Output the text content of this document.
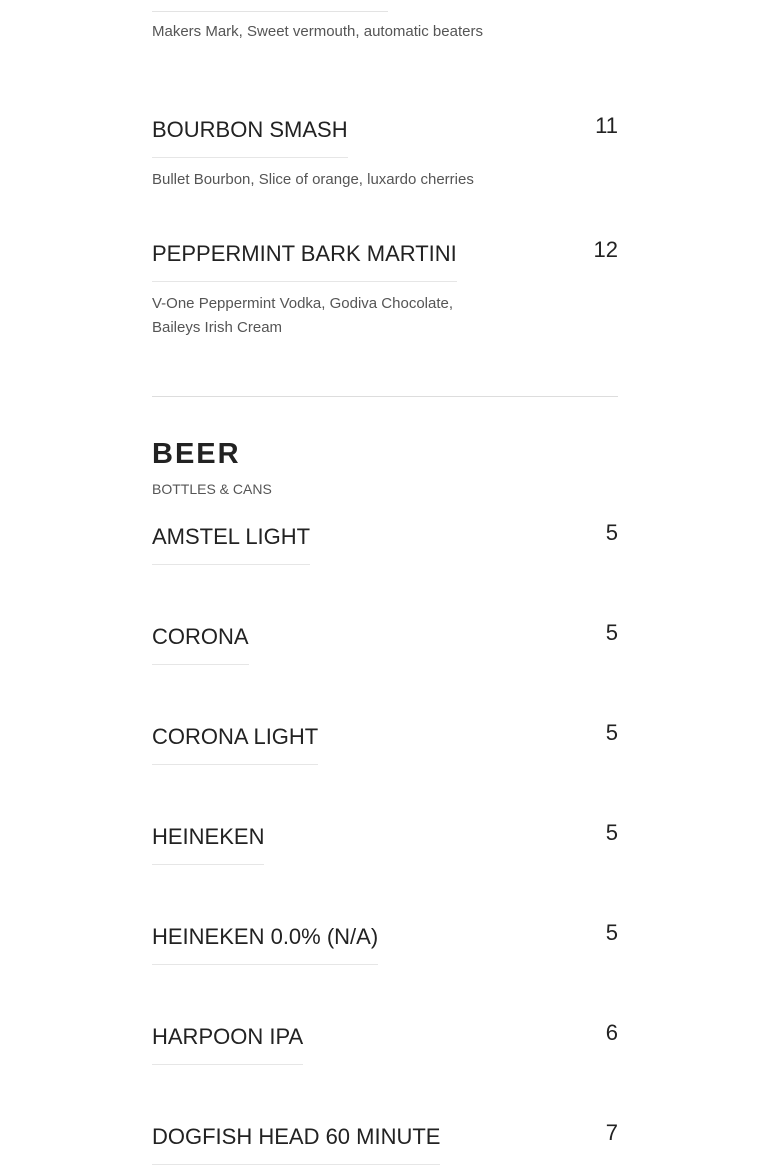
Makers Mark, Sweet vermouth, automatic beaters
BOURBON SMASH	11
Bullet Bourbon, Slice of orange, luxardo cherries
PEPPERMINT BARK MARTINI	12
V-One Peppermint Vodka, Godiva Chocolate, Baileys Irish Cream
BEER
BOTTLES & CANS
AMSTEL LIGHT	5
CORONA	5
CORONA LIGHT	5
HEINEKEN	5
HEINEKEN 0.0% (N/A)	5
HARPOON IPA	6
DOGFISH HEAD 60 MINUTE	7
